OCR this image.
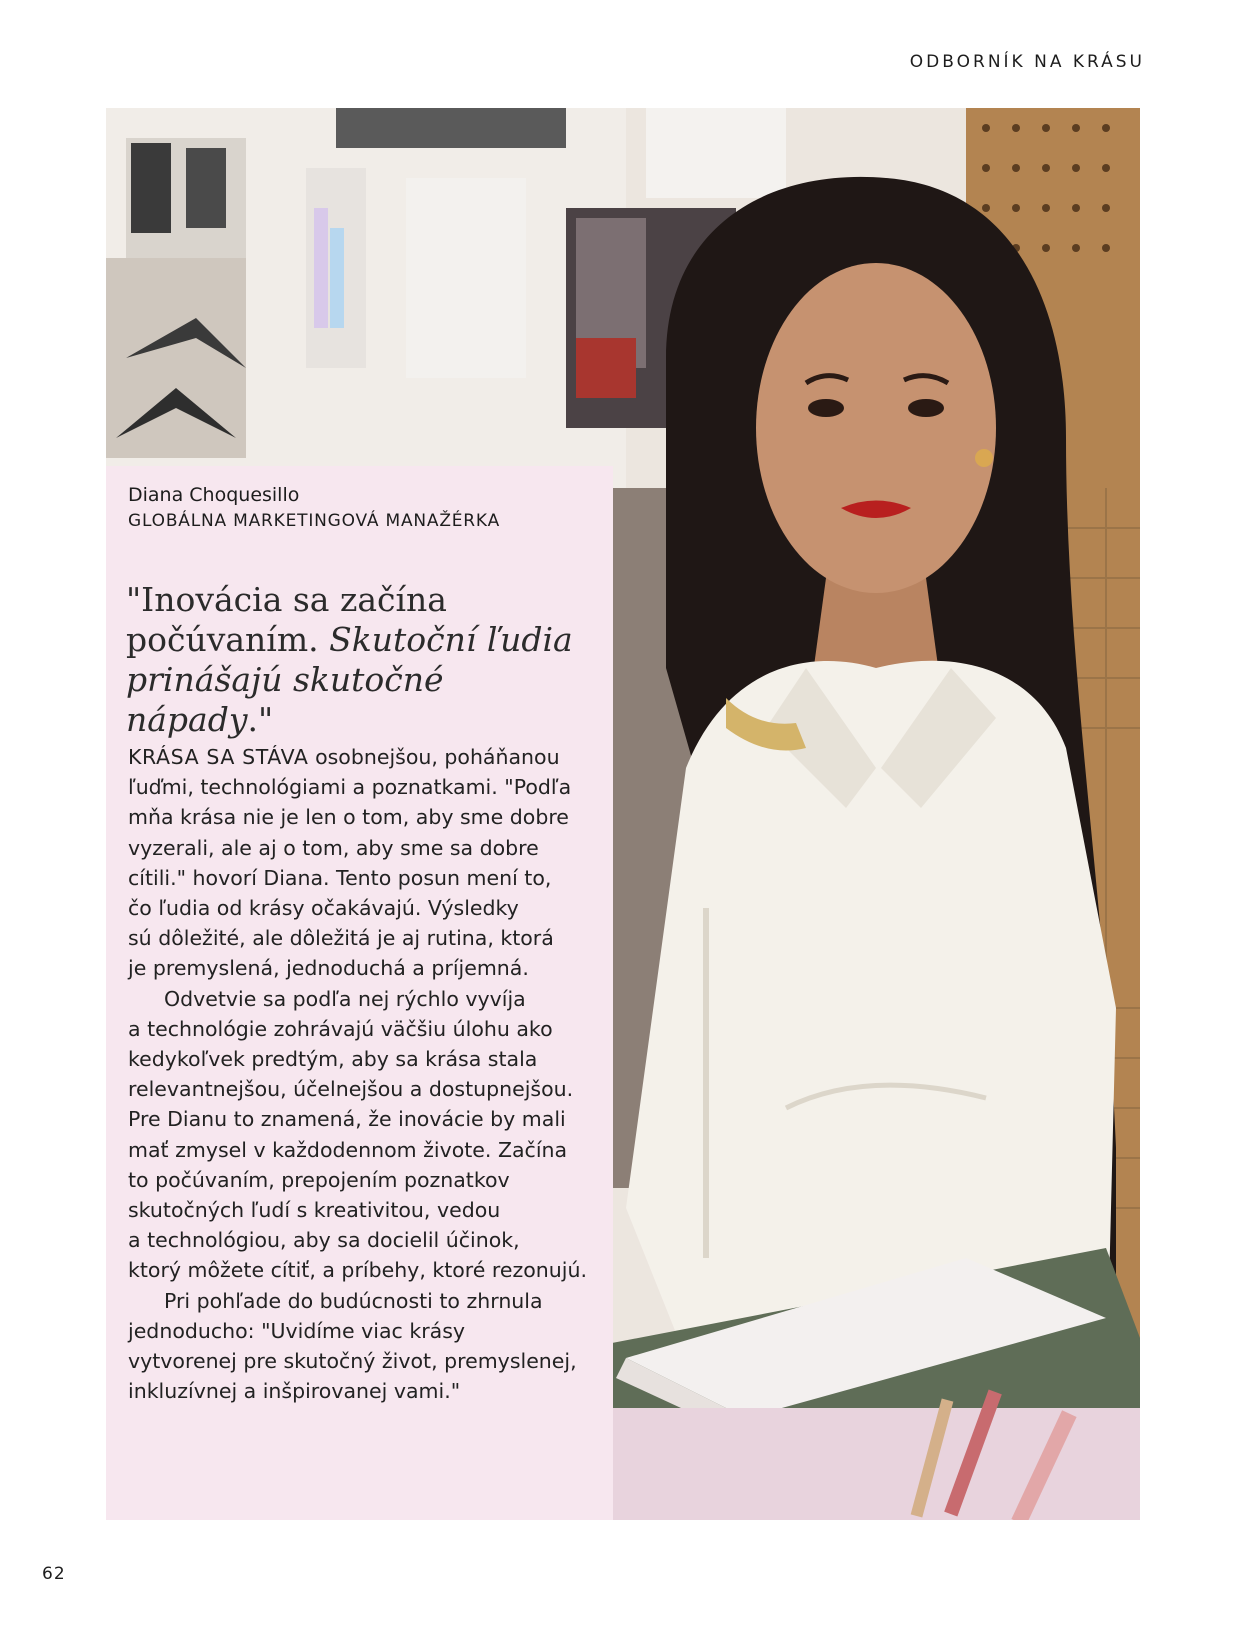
ODBORNÍK NA KRÁSU
Diana Choquesillo
GLOBÁLNA MARKETINGOVÁ MANAŽÉRKA

"Inovácia sa začína
počúvaním. Skutoční ľudia
prinášajú skutočné nápady."

KRÁSA SA STÁVA osobnejšou, poháňanou
ľuďmi, technológiami a poznatkami. "Podľa
mňa krása nie je len o tom, aby sme dobre
vyzerali, ale aj o tom, aby sme sa dobre
cítili." hovorí Diana. Tento posun mení to,
čo ľudia od krásy očakávajú. Výsledky
sú dôležité, ale dôležitá je aj rutina, ktorá
je premyslená, jednoduchá a príjemná.
Odvetvie sa podľa nej rýchlo vyvíja
a technológie zohrávajú väčšiu úlohu ako
kedykoľvek predtým, aby sa krása stala
relevantnejšou, účelnejšou a dostupnejšou.
Pre Dianu to znamená, že inovácie by mali
mať zmysel v každodennom živote. Začína
to počúvaním, prepojením poznatkov
skutočných ľudí s kreativitou, vedou
a technológiou, aby sa docielil účinok,
ktorý môžete cítiť, a príbehy, ktoré rezonujú.
Pri pohľade do budúcnosti to zhrnula
jednoducho: "Uvidíme viac krásy
vytvorenej pre skutočný život, premyslenej,
inkluzívnej a inšpirovanej vami."
62
